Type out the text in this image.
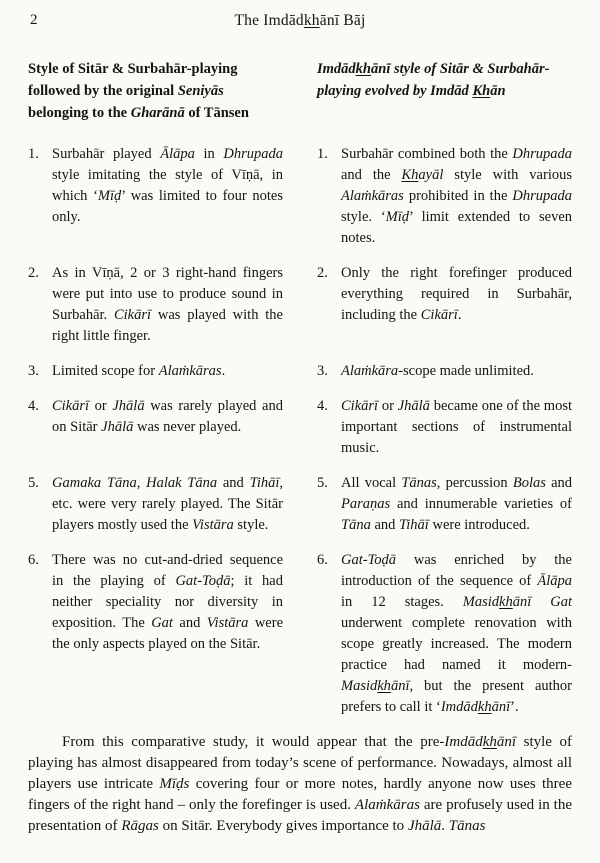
2	The Imdādkhānī Bāj
Style of Sitār & Surbahār-playing followed by the original Seniyās belonging to the Gharānā of Tānsen
Imdādkhānī style of Sitār & Surbahār-playing evolved by Imdād Khān
1. Surbahār played Ālāpa in Dhrupada style imitating the style of Vīṇā, in which ‘Mīḍ’ was limited to four notes only.
1. Surbahār combined both the Dhrupada and the Khayāl style with various Alaṁkāras prohibited in the Dhrupada style. ‘Mīḍ’ limit extended to seven notes.
2. As in Vīṇā, 2 or 3 right-hand fingers were put into use to produce sound in Surbahār. Cikārī was played with the right little finger.
2. Only the right forefinger produced everything required in Surbahār, including the Cikārī.
3. Limited scope for Alaṁkāras.	3. Alaṁkāra-scope made unlimited.
4. Cikārī or Jhālā was rarely played and on Sitār Jhālā was never played.
4. Cikārī or Jhālā became one of the most important sections of instrumental music.
5. Gamaka Tāna, Halak Tāna and Tihāī, etc. were very rarely played. The Sitār players mostly used the Vistāra style.
5. All vocal Tānas, percussion Bolas and Paraṇas and innumerable varieties of Tāna and Tihāī were introduced.
6. There was no cut-and-dried sequence in the playing of Gat-Toḍā; it had neither speciality nor diversity in exposition. The Gat and Vistāra were the only aspects played on the Sitār.
6. Gat-Toḍā was enriched by the introduction of the sequence of Ālāpa in 12 stages. Masidkhānī Gat underwent complete renovation with scope greatly increased. The modern practice had named it modern-Masidkhānī, but the present author prefers to call it ‘Imdādkhānī’.
From this comparative study, it would appear that the pre-Imdādkhānī style of playing has almost disappeared from today’s scene of performance. Nowadays, almost all players use intricate Mīḍs covering four or more notes, hardly anyone now uses three fingers of the right hand – only the forefinger is used. Alaṁkāras are profusely used in the presentation of Rāgas on Sitār. Everybody gives importance to Jhālā. Tānas
